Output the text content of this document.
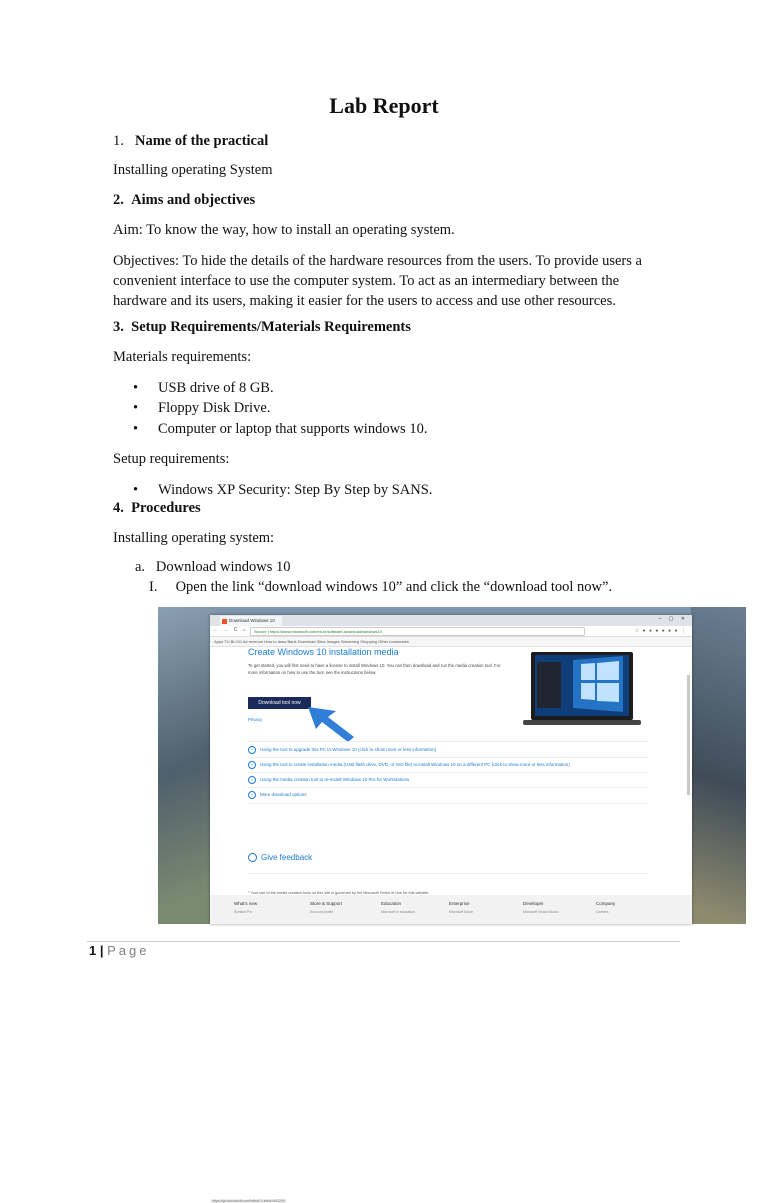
Lab Report
1. Name of the practical
Installing operating System
2.  Aims and objectives
Aim: To know the way, how to install an operating system.
Objectives: To hide the details of the hardware resources from the users. To provide users a convenient interface to use the computer system. To act as an intermediary between the hardware and its users, making it easier for the users to access and use other resources.
3.  Setup Requirements/Materials Requirements
Materials requirements:
• USB drive of 8 GB.
• Floppy Disk Drive.
• Computer or laptop that supports windows 10.
Setup requirements:
• Windows XP Security: Step By Step by SANS.
4.  Procedures
Installing operating system:
a.   Download windows 10
I.     Open the link “download windows 10” and click the “download tool now”.
Download Windows 10	– ▢ ✕
← → C ⌂	Secure | https://www.microsoft.com/en-in/software-download/windows10	☆ ● ● ● ● ● ● ⋮
Apps TU BLOG Ad revenue How to draw Bank Download Sites Images Streaming Shopping Other bookmarks
Create Windows 10 installation media
To get started, you will first need to have a license to install Windows 10. You can then download and run the media creation tool. For more information on how to use the tool, see the instructions below.
Download tool now
Privacy
+ Using the tool to upgrade this PC to Windows 10 (click to show more or less information)
+ Using the tool to create installation media (USB flash drive, DVD, or ISO file) to install Windows 10 on a different PC (click to show more or less information)
+ Using the media creation tool to re-install Windows 10 Pro for Workstations
+ More download options
Give feedback
* Your use of the media creation tools on this site is governed by the Microsoft Terms of Use for this website.
What's new
Surface Pro
Store & Support
Account profile
Education
Microsoft in education
Enterprise
Microsoft Azure
Developer
Microsoft Visual Studio
Company
Careers
https://go.microsoft.com/fwlink/?LinkId=691209
1 | Page
